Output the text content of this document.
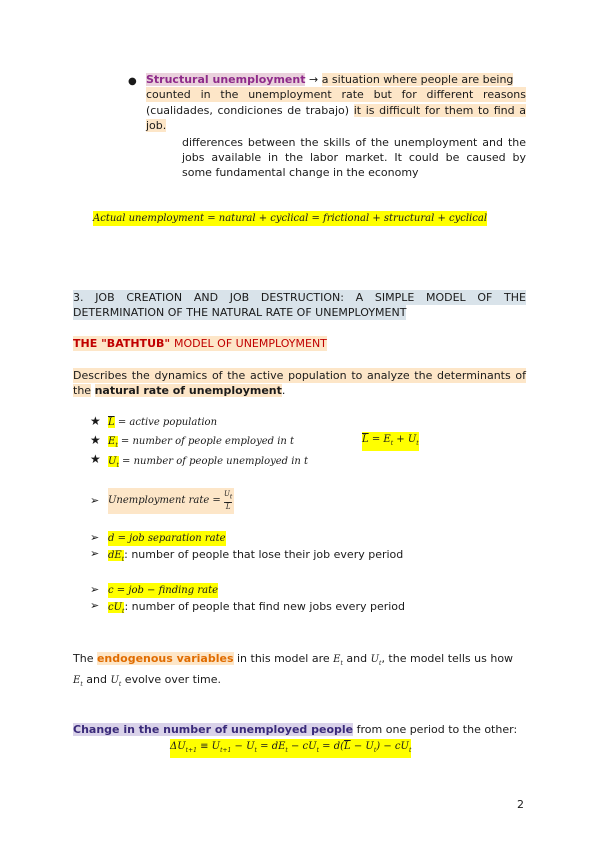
● Structural unemployment → a situation where people are being
counted in the unemployment rate but for different reasons
(cualidades, condiciones de trabajo) it is difficult for them to find a
job.
differences between the skills of the unemployment and the
jobs available in the labor market. It could be caused by
some fundamental change in the economy
Actual unemployment = natural + cyclical = frictional + structural + cyclical
3. JOB CREATION AND JOB DESTRUCTION: A SIMPLE MODEL OF THE
DETERMINATION OF THE NATURAL RATE OF UNEMPLOYMENT
THE "BATHTUB" MODEL OF UNEMPLOYMENT
Describes the dynamics of the active population to analyze the determinants of
the natural rate of unemployment.
★ $\overline{L}$ = active population
★ $E_t$ = number of people employed in t
★ $U_t$ = number of people unemployed in t
$\overline{L} = E_t + U_t$
➢ Unemployment rate = $\frac{U_t}{L}$
➢ d = job separation rate
➢ $dE_t$: number of people that lose their job every period
➢ c = job − finding rate
➢ $cU_t$: number of people that find new jobs every period
The endogenous variables in this model are $E_t$ and $U_t$, the model tells us how
$E_t$ and $U_t$ evolve over time.
Change in the number of unemployed people from one period to the other:
$\Delta U_{t+1} \equiv U_{t+1} - U_t = dE_t - cU_t = d(\overline{L} - U_t) - cU_t$
2
